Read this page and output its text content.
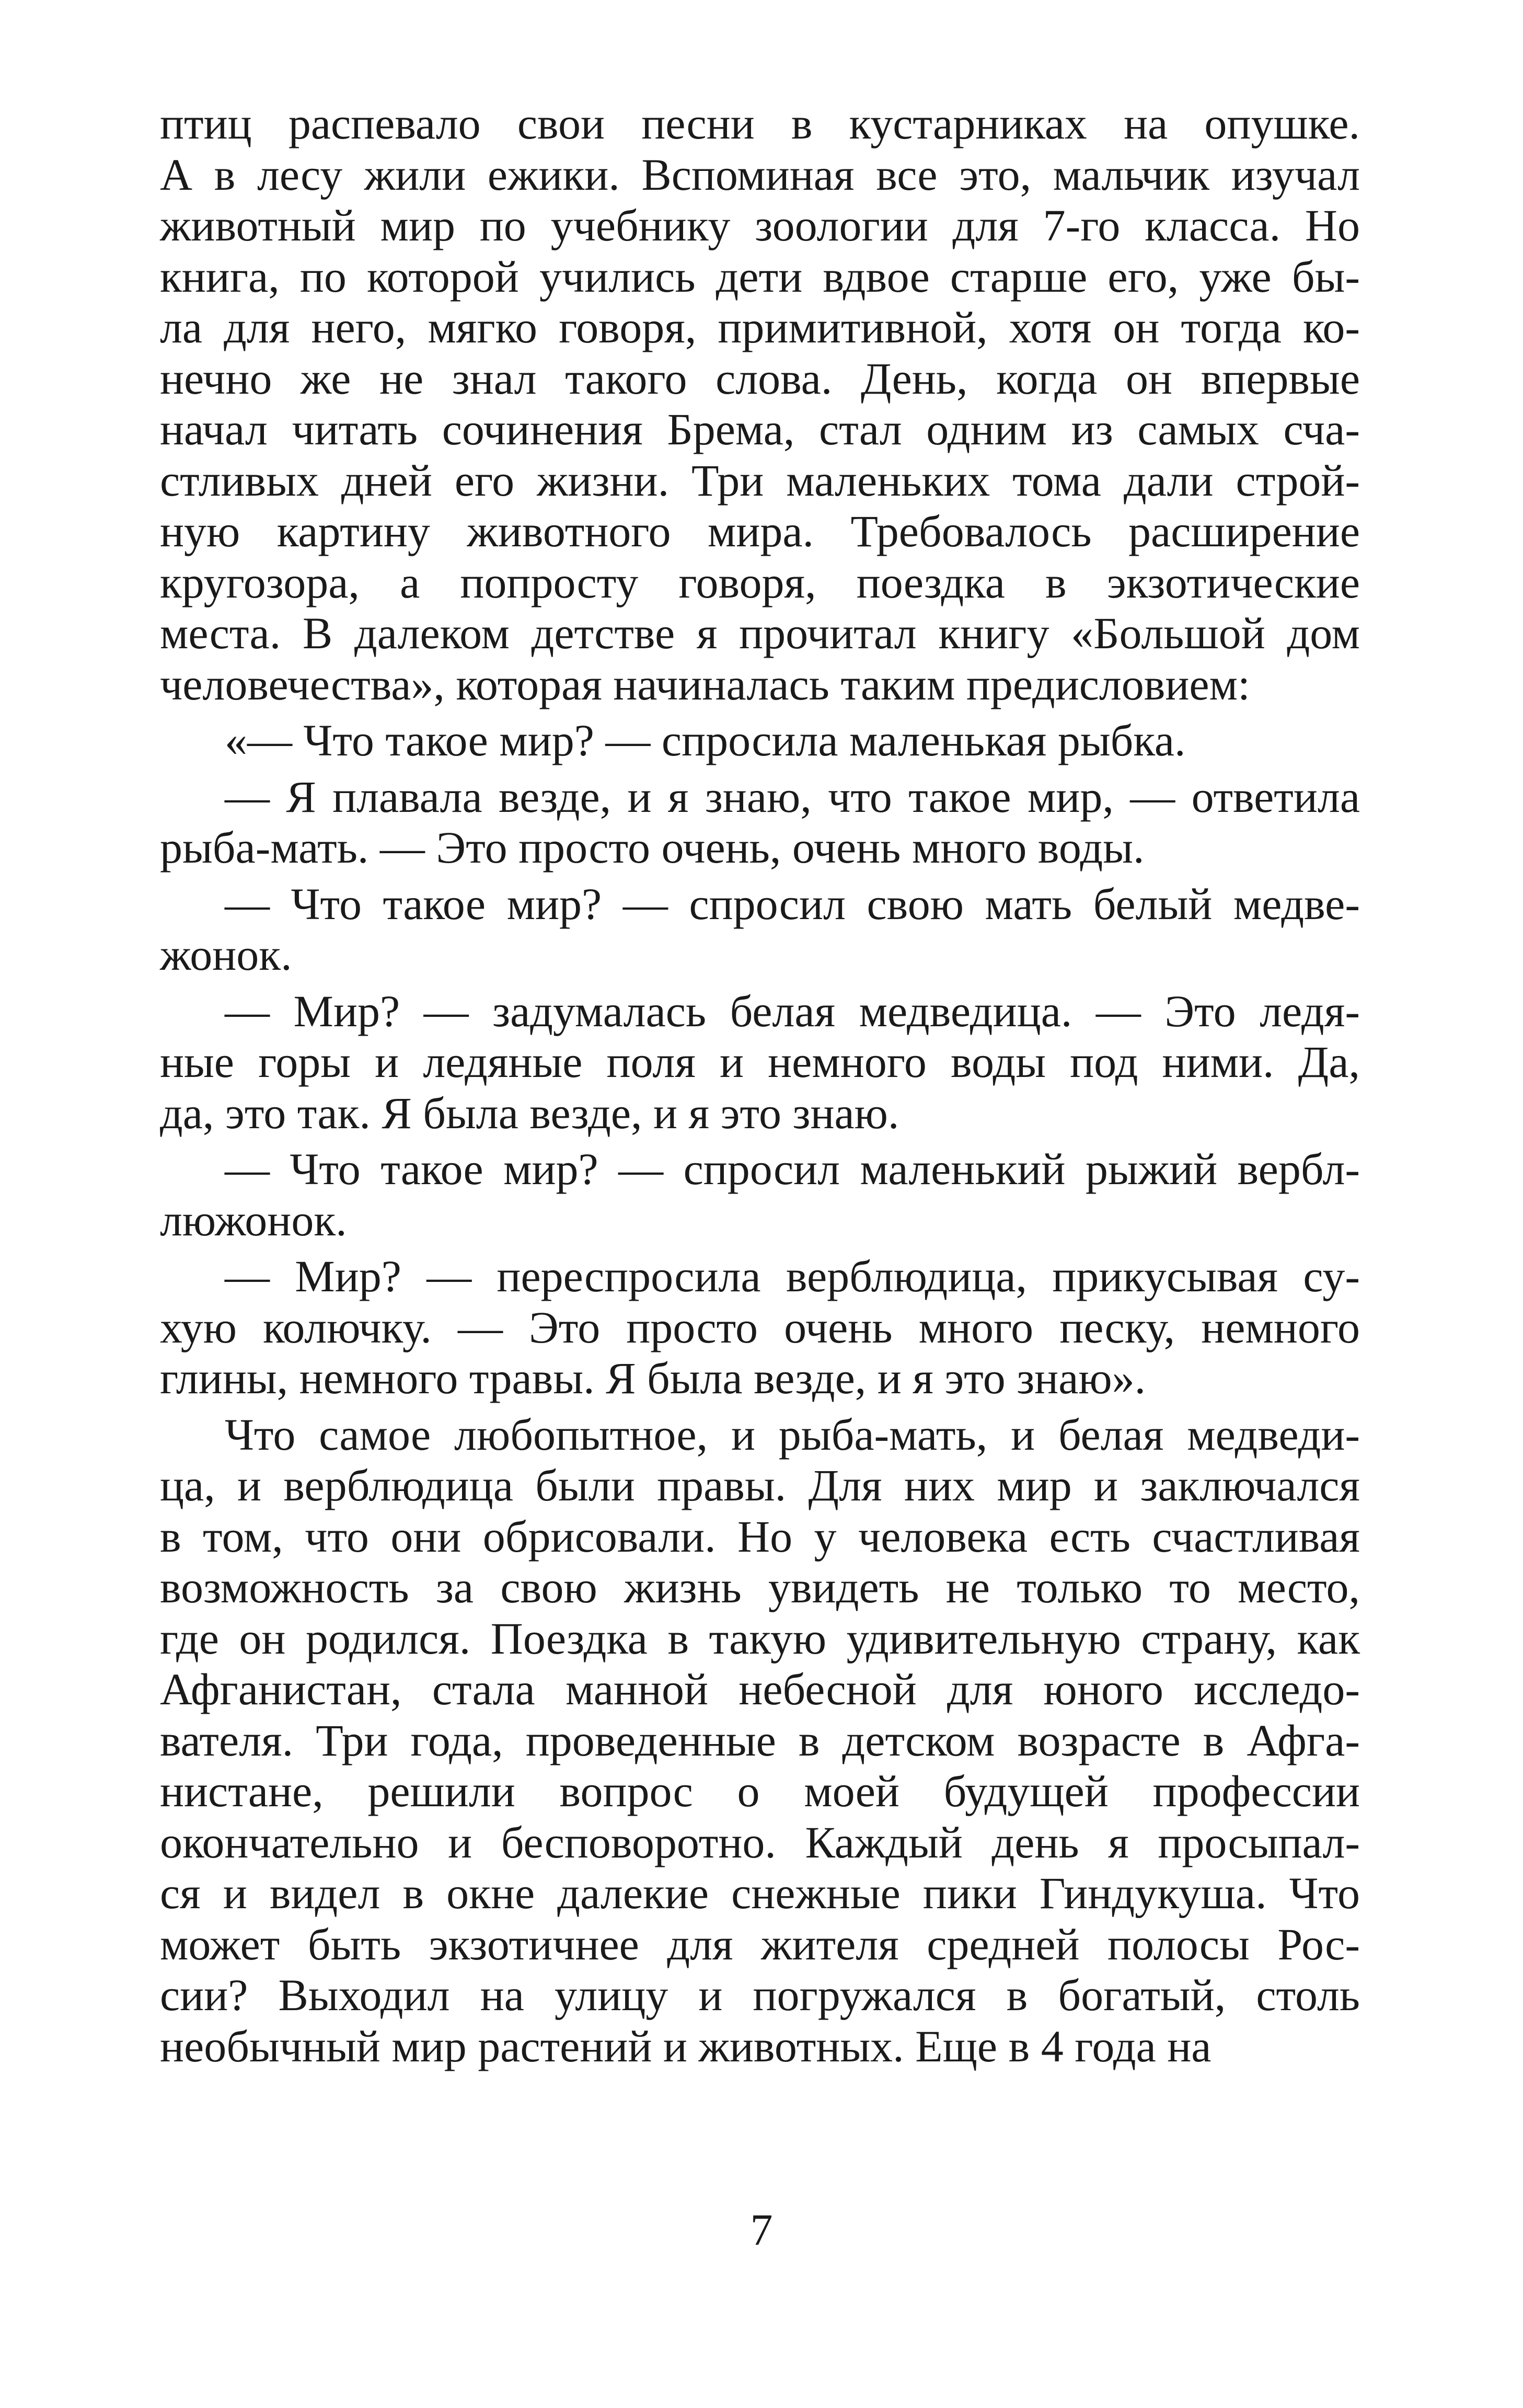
птиц распевало свои песни в кустарниках на опушке.
А в лесу жили ежики. Вспоминая все это, мальчик изучал
животный мир по учебнику зоологии для 7-го класса. Но
книга, по которой учились дети вдвое старше его, уже бы-
ла для него, мягко говоря, примитивной, хотя он тогда ко-
нечно же не знал такого слова. День, когда он впервые
начал читать сочинения Брема, стал одним из самых сча-
стливых дней его жизни. Три маленьких тома дали строй-
ную картину животного мира. Требовалось расширение
кругозора, а попросту говоря, поездка в экзотические
места. В далеком детстве я прочитал книгу «Большой дом
человечества», которая начиналась таким предисловием:

«— Что такое мир? — спросила маленькая рыбка.

— Я плавала везде, и я знаю, что такое мир, — ответила
рыба-мать. — Это просто очень, очень много воды.

— Что такое мир? — спросил свою мать белый медве-
жонок.

— Мир? — задумалась белая медведица. — Это ледя-
ные горы и ледяные поля и немного воды под ними. Да,
да, это так. Я была везде, и я это знаю.

— Что такое мир? — спросил маленький рыжий вербл-
люжонок.

— Мир? — переспросила верблюдица, прикусывая су-
хую колючку. — Это просто очень много песку, немного
глины, немного травы. Я была везде, и я это знаю».

Что самое любопытное, и рыба-мать, и белая медведи-
ца, и верблюдица были правы. Для них мир и заключался
в том, что они обрисовали. Но у человека есть счастливая
возможность за свою жизнь увидеть не только то место,
где он родился. Поездка в такую удивительную страну, как
Афганистан, стала манной небесной для юного исследо-
вателя. Три года, проведенные в детском возрасте в Афга-
нистане, решили вопрос о моей будущей профессии
окончательно и бесповоротно. Каждый день я просыпал-
ся и видел в окне далекие снежные пики Гиндукуша. Что
может быть экзотичнее для жителя средней полосы Рос-
сии? Выходил на улицу и погружался в богатый, столь
необычный мир растений и животных. Еще в 4 года на

7
